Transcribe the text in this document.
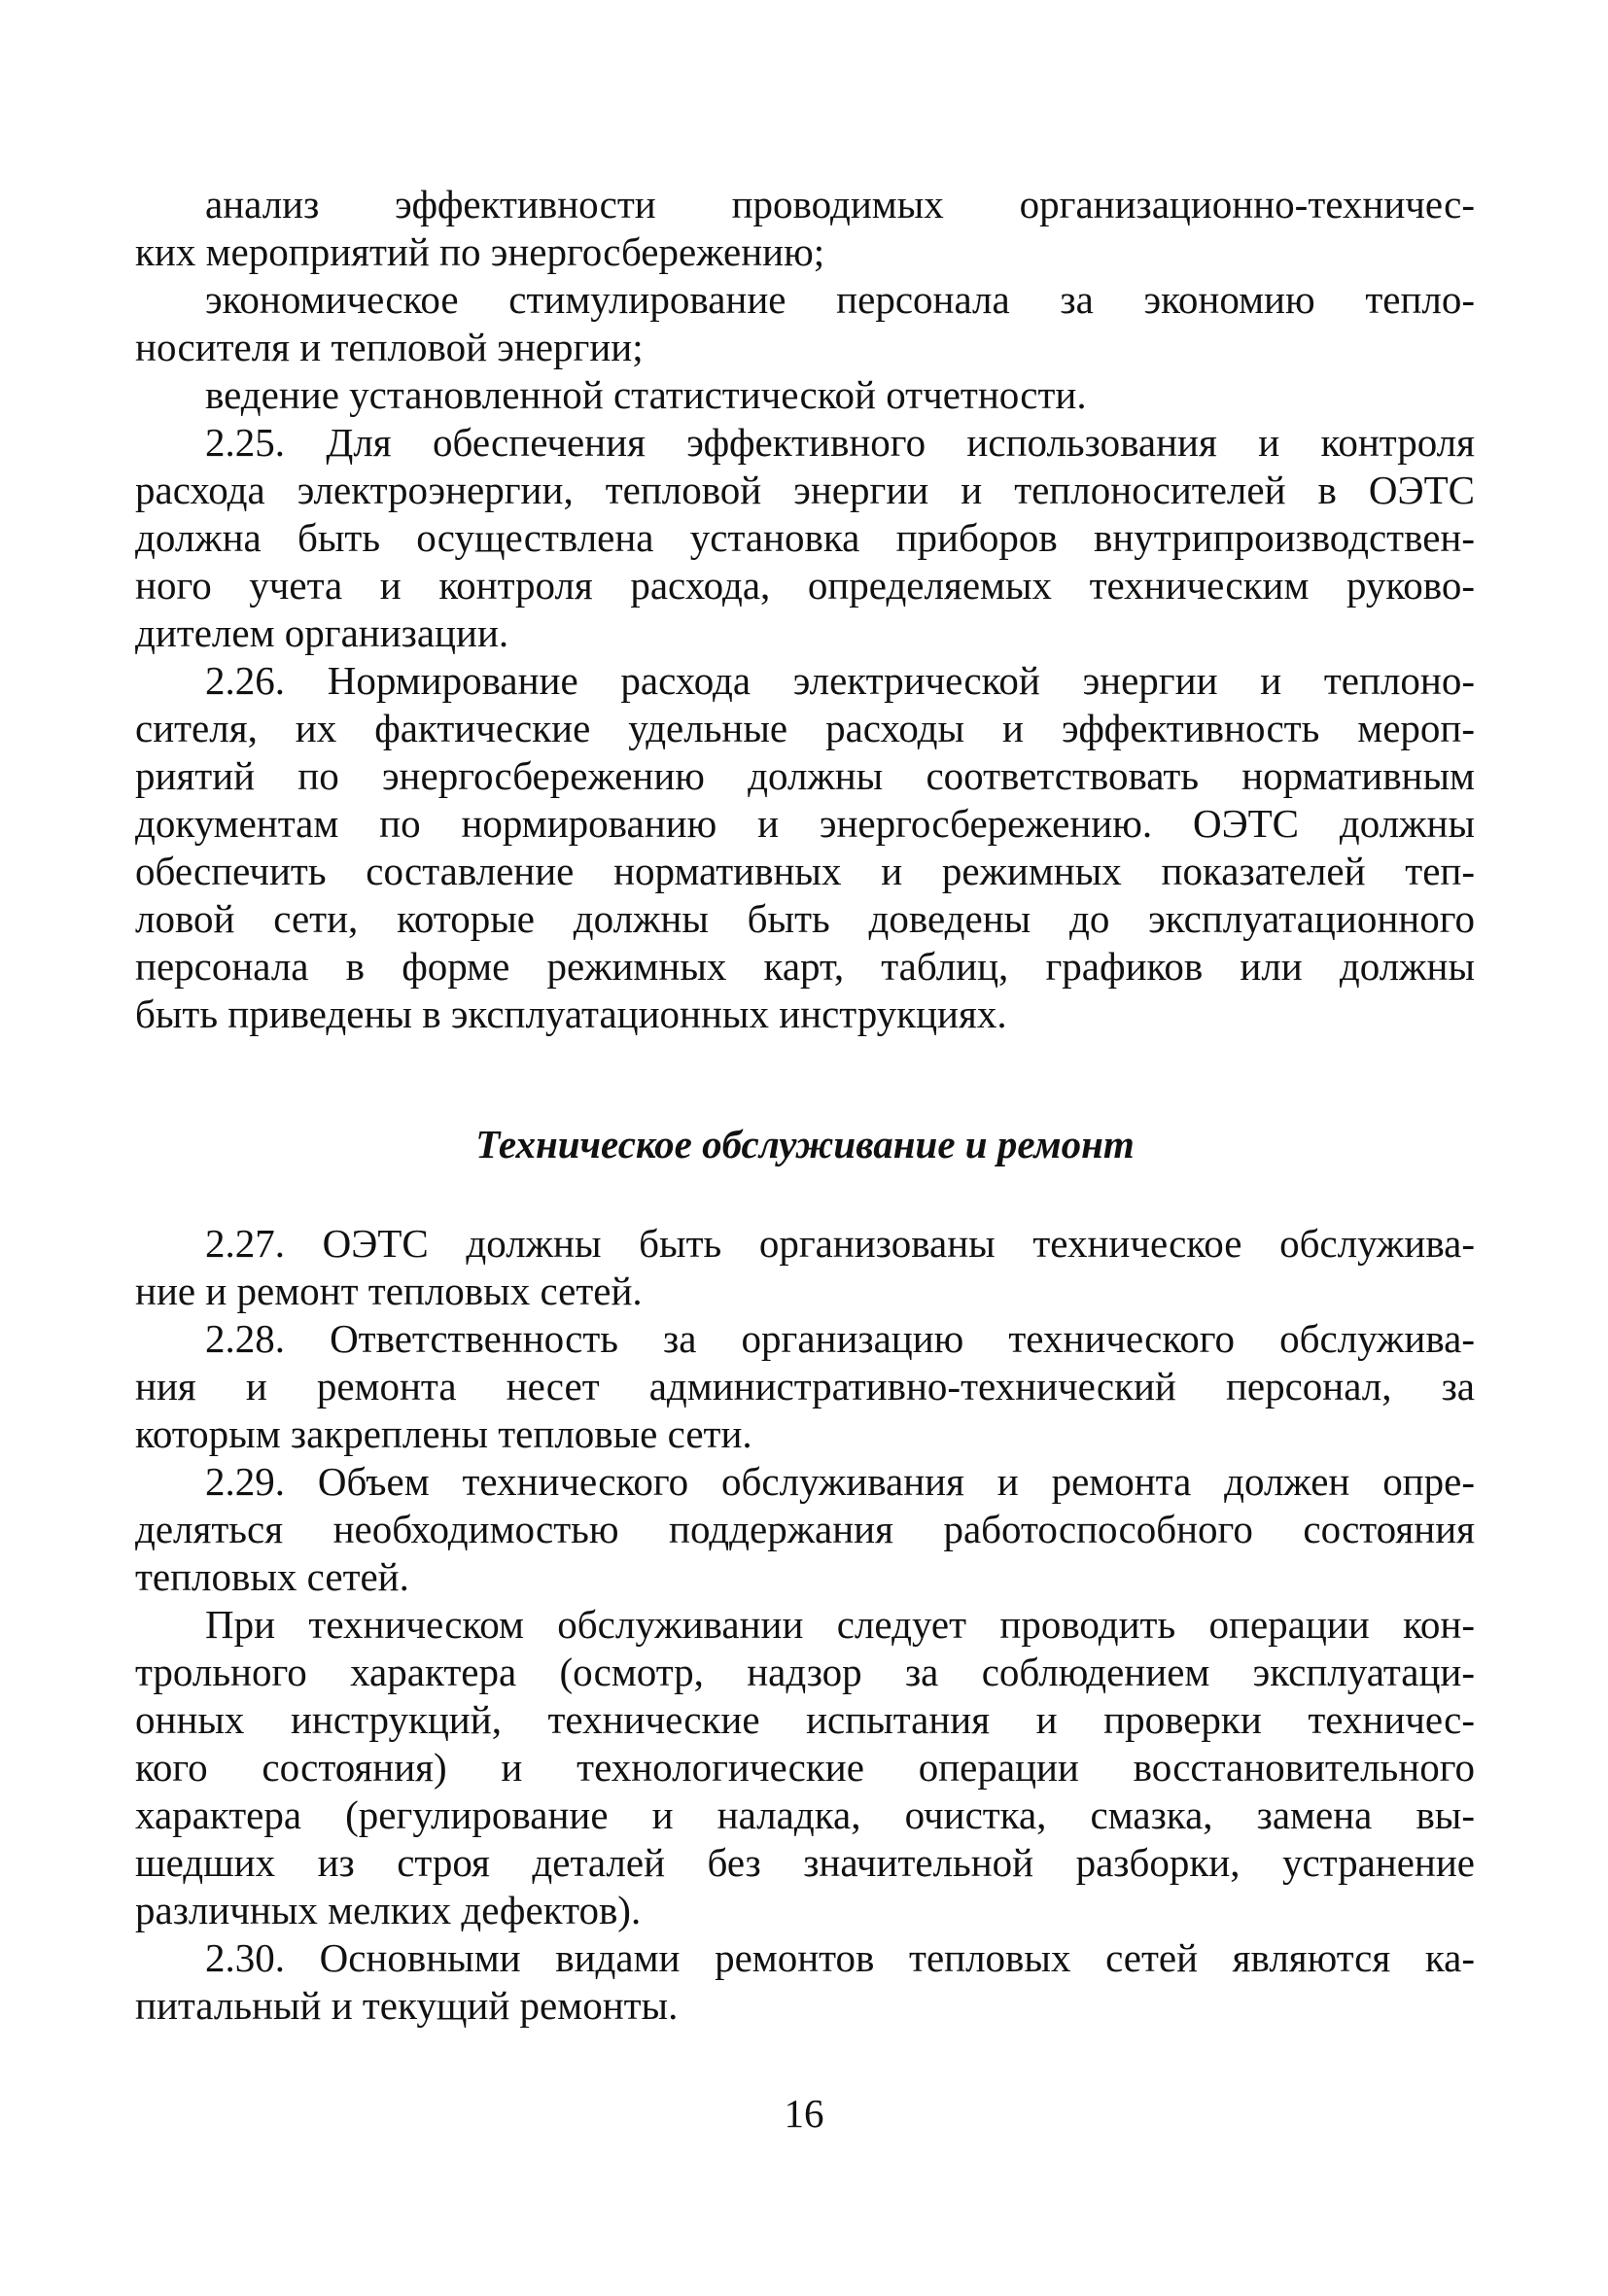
анализ эффективности проводимых организационно-техничес-
ких мероприятий по энергосбережению;
экономическое стимулирование персонала за экономию тепло-
носителя и тепловой энергии;
ведение установленной статистической отчетности.
2.25. Для обеспечения эффективного использования и контроля
расхода электроэнергии, тепловой энергии и теплоносителей в ОЭТС
должна быть осуществлена установка приборов внутрипроизводствен-
ного учета и контроля расхода, определяемых техническим руково-
дителем организации.
2.26. Нормирование расхода электрической энергии и теплоно-
сителя, их фактические удельные расходы и эффективность мероп-
риятий по энергосбережению должны соответствовать нормативным
документам по нормированию и энергосбережению. ОЭТС должны
обеспечить составление нормативных и режимных показателей теп-
ловой сети, которые должны быть доведены до эксплуатационного
персонала в форме режимных карт, таблиц, графиков или должны
быть приведены в эксплуатационных инструкциях.
Техническое обслуживание и ремонт
2.27. ОЭТС должны быть организованы техническое обслужива-
ние и ремонт тепловых сетей.
2.28. Ответственность за организацию технического обслужива-
ния и ремонта несет административно-технический персонал, за
которым закреплены тепловые сети.
2.29. Объем технического обслуживания и ремонта должен опре-
деляться необходимостью поддержания работоспособного состояния
тепловых сетей.
При техническом обслуживании следует проводить операции кон-
трольного характера (осмотр, надзор за соблюдением эксплуатаци-
онных инструкций, технические испытания и проверки техничес-
кого состояния) и технологические операции восстановительного
характера (регулирование и наладка, очистка, смазка, замена вы-
шедших из строя деталей без значительной разборки, устранение
различных мелких дефектов).
2.30. Основными видами ремонтов тепловых сетей являются ка-
питальный и текущий ремонты.
16
